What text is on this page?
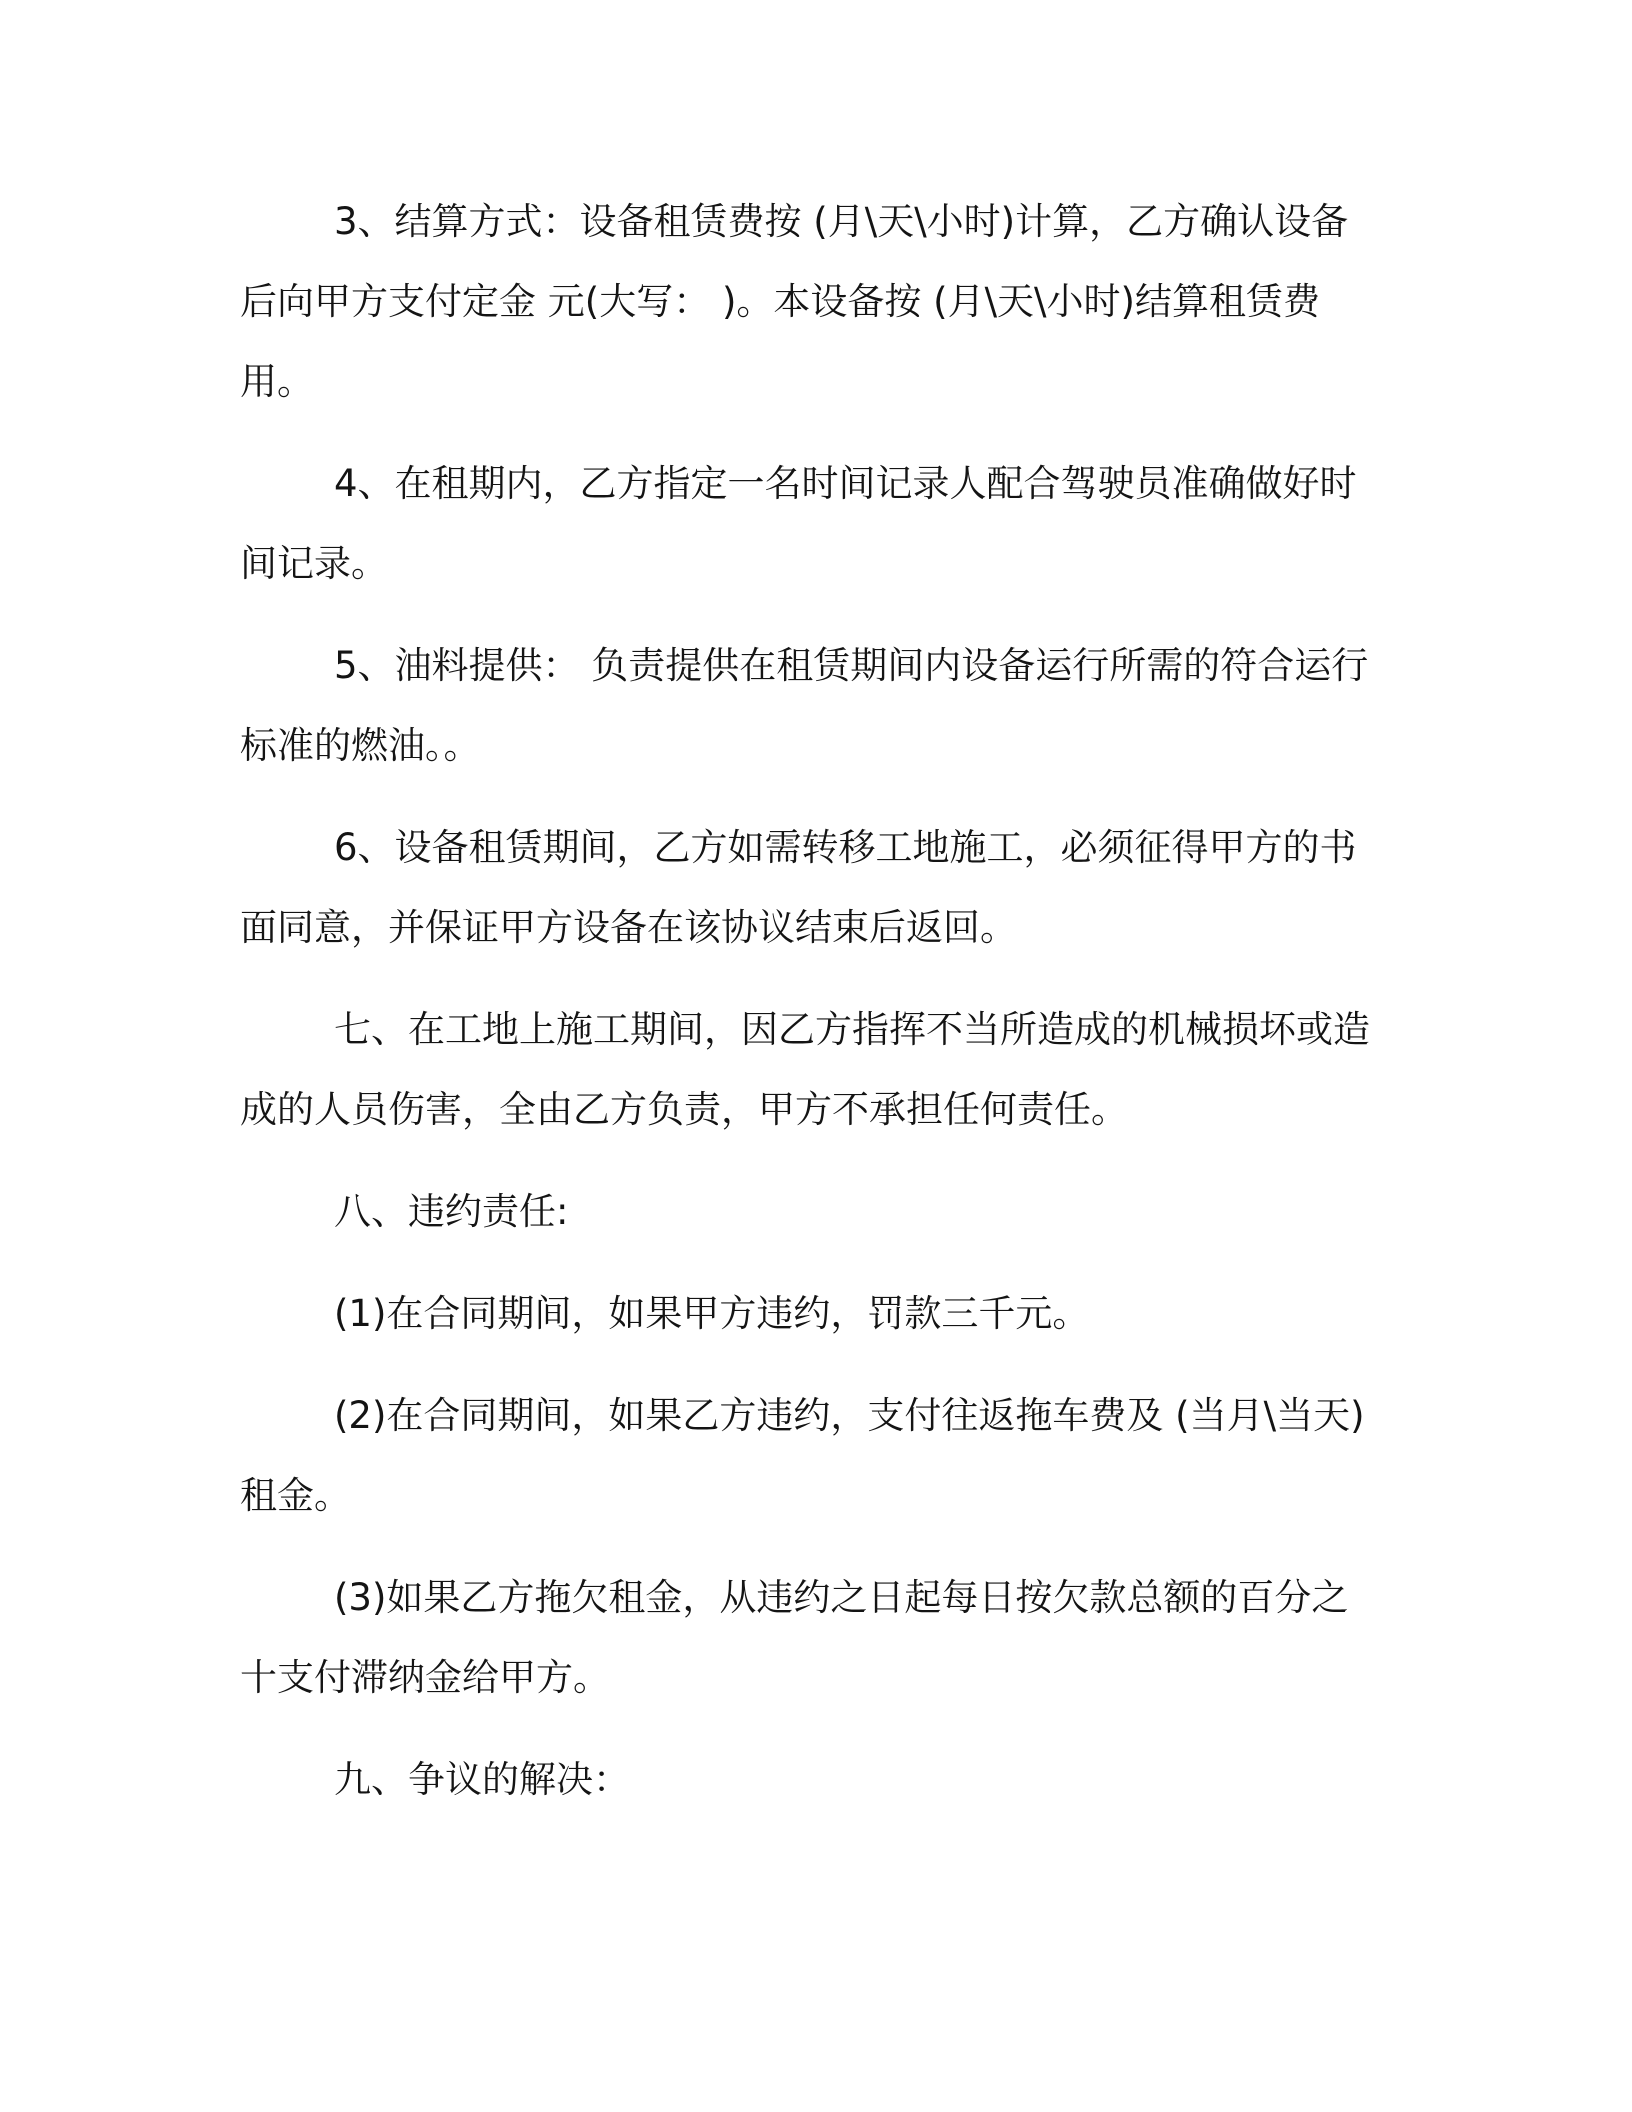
3、结算方式：设备租赁费按 (月\天\小时)计算，乙方确认设备后向甲方支付定金 元(大写： )。本设备按 (月\天\小时)结算租赁费用。

4、在租期内，乙方指定一名时间记录人配合驾驶员准确做好时间记录。

5、油料提供： 负责提供在租赁期间内设备运行所需的符合运行标准的燃油。。

6、设备租赁期间，乙方如需转移工地施工，必须征得甲方的书面同意，并保证甲方设备在该协议结束后返回。

七、在工地上施工期间，因乙方指挥不当所造成的机械损坏或造成的人员伤害，全由乙方负责，甲方不承担任何责任。

八、违约责任:

(1)在合同期间，如果甲方违约，罚款三千元。

(2)在合同期间，如果乙方违约，支付往返拖车费及 (当月\当天)租金。

(3)如果乙方拖欠租金，从违约之日起每日按欠款总额的百分之十支付滞纳金给甲方。

九、争议的解决：
